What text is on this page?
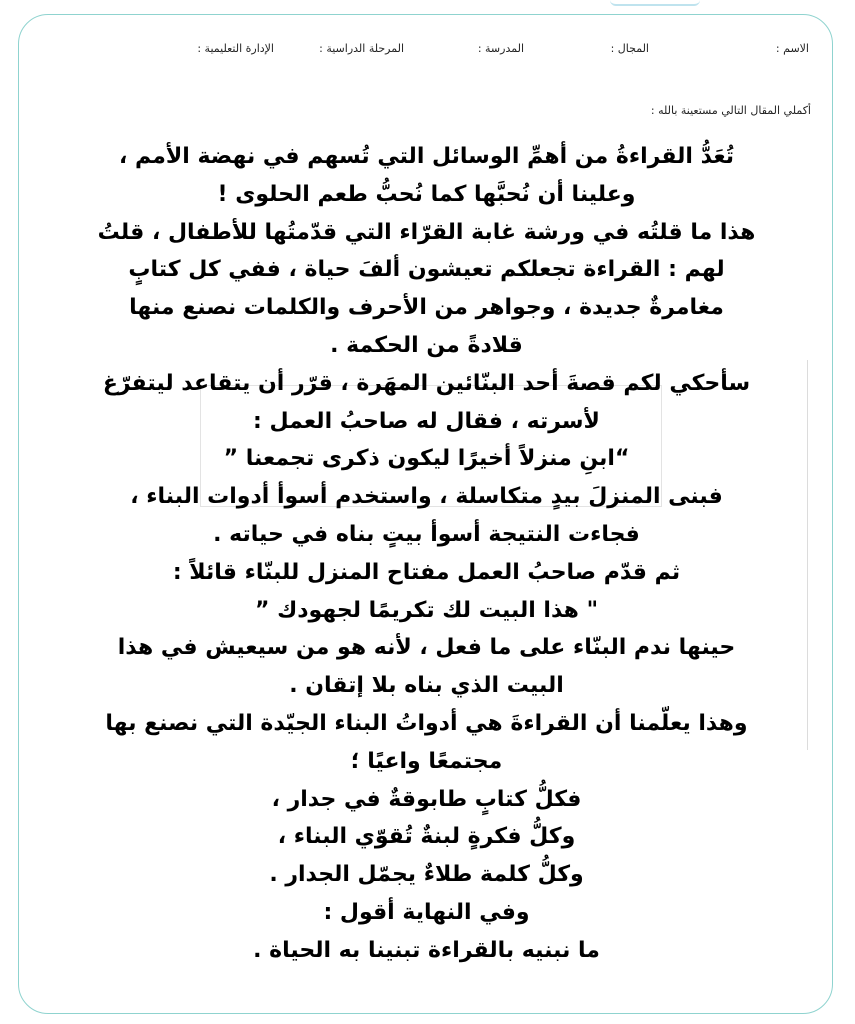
الاسم :
المجال :
المدرسة :
المرحلة الدراسية :
الإدارة التعليمية :
أكملي المقال التالي مستعينة بالله :
تُعَدُّ القراءةُ من أهمِّ الوسائل التي تُسهم في نهضة الأمم ،
وعلينا أن نُحبَّها كما نُحبُّ طعم الحلوى !
هذا ما قلتُه في ورشة غابة القرّاء التي قدّمتُها للأطفال ، قلتُ
لهم : القراءة تجعلكم تعيشون ألفَ حياة ، ففي كل كتابٍ
مغامرةٌ جديدة ، وجواهر من الأحرف والكلمات نصنع منها
قلادةً من الحكمة .
سأحكي لكم قصةَ أحد البنّائين المهَرة ، قرّر أن يتقاعد ليتفرّغ
لأسرته ، فقال له صاحبُ العمل :
“ابنِ منزلاً أخيرًا ليكون ذكرى تجمعنا ”
فبنى المنزلَ بيدٍ متكاسلة ، واستخدم أسوأ أدوات البناء ،
فجاءت النتيجة أسوأ بيتٍ بناه في حياته .
ثم قدّم صاحبُ العمل مفتاح المنزل للبنّاء قائلاً :
" هذا البيت لك تكريمًا لجهودك ”
حينها ندم البنّاء على ما فعل ، لأنه هو من سيعيش في هذا
البيت الذي بناه بلا إتقان .
وهذا يعلّمنا أن القراءةَ هي أدواتُ البناء الجيّدة التي نصنع بها
مجتمعًا واعيًا ؛
فكلُّ كتابٍ طابوقةٌ في جدار ،
وكلُّ فكرةٍ لبنةٌ تُقوّي البناء ،
وكلُّ كلمة طلاءٌ يجمّل الجدار .
وفي النهاية أقول :
ما نبنيه بالقراءة تبنينا به الحياة .
